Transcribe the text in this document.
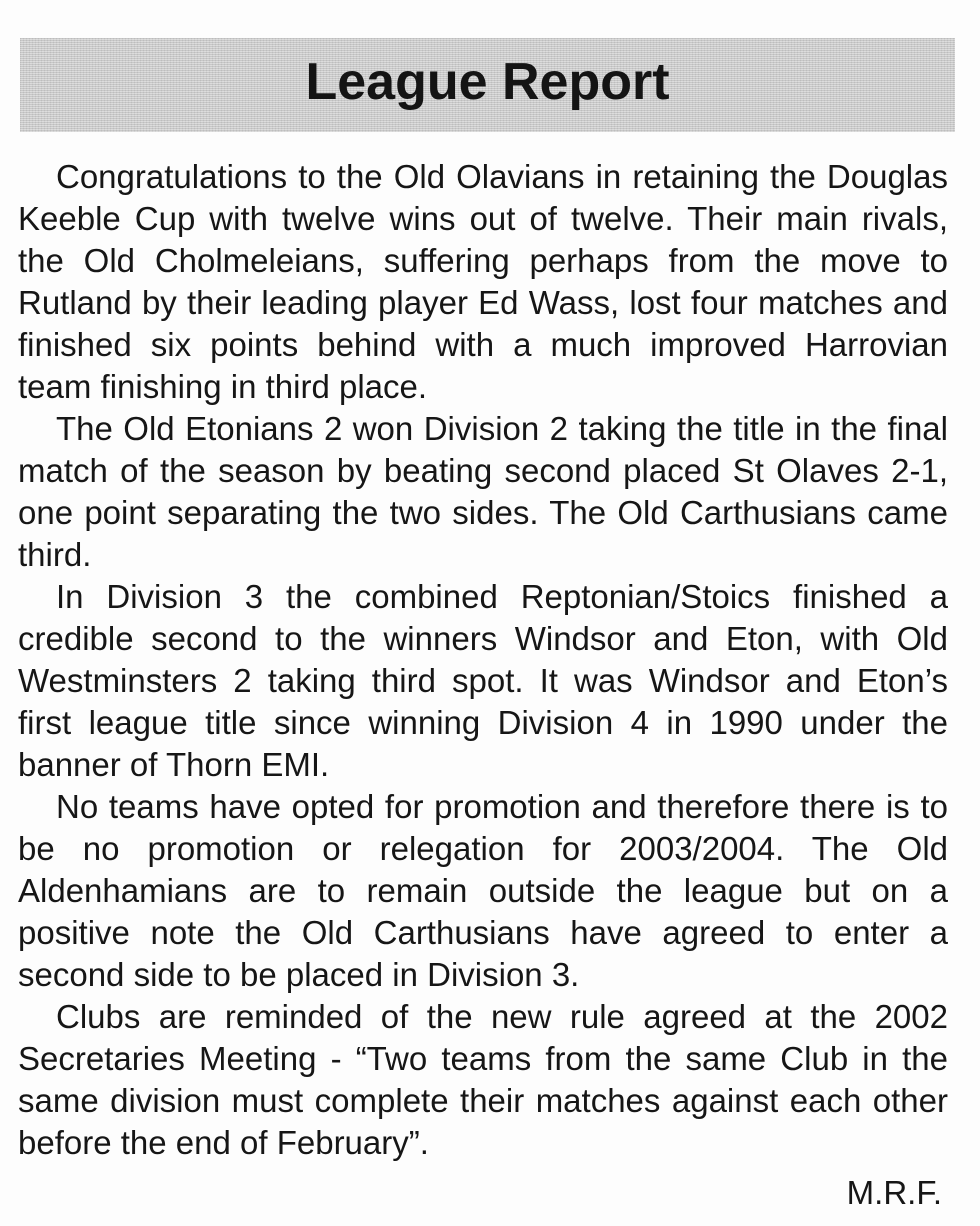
League Report

Congratulations to the Old Olavians in retaining the Douglas Keeble Cup with twelve wins out of twelve. Their main rivals, the Old Cholmeleians, suffering perhaps from the move to Rutland by their leading player Ed Wass, lost four matches and finished six points behind with a much improved Harrovian team finishing in third place.

The Old Etonians 2 won Division 2 taking the title in the final match of the season by beating second placed St Olaves 2-1, one point separating the two sides. The Old Carthusians came third.

In Division 3 the combined Reptonian/Stoics finished a credible second to the winners Windsor and Eton, with Old Westminsters 2 taking third spot. It was Windsor and Eton’s first league title since winning Division 4 in 1990 under the banner of Thorn EMI.

No teams have opted for promotion and therefore there is to be no promotion or relegation for 2003/2004. The Old Aldenhamians are to remain outside the league but on a positive note the Old Carthusians have agreed to enter a second side to be placed in Division 3.

Clubs are reminded of the new rule agreed at the 2002 Secretaries Meeting - “Two teams from the same Club in the same division must complete their matches against each other before the end of February”.

M.R.F.
